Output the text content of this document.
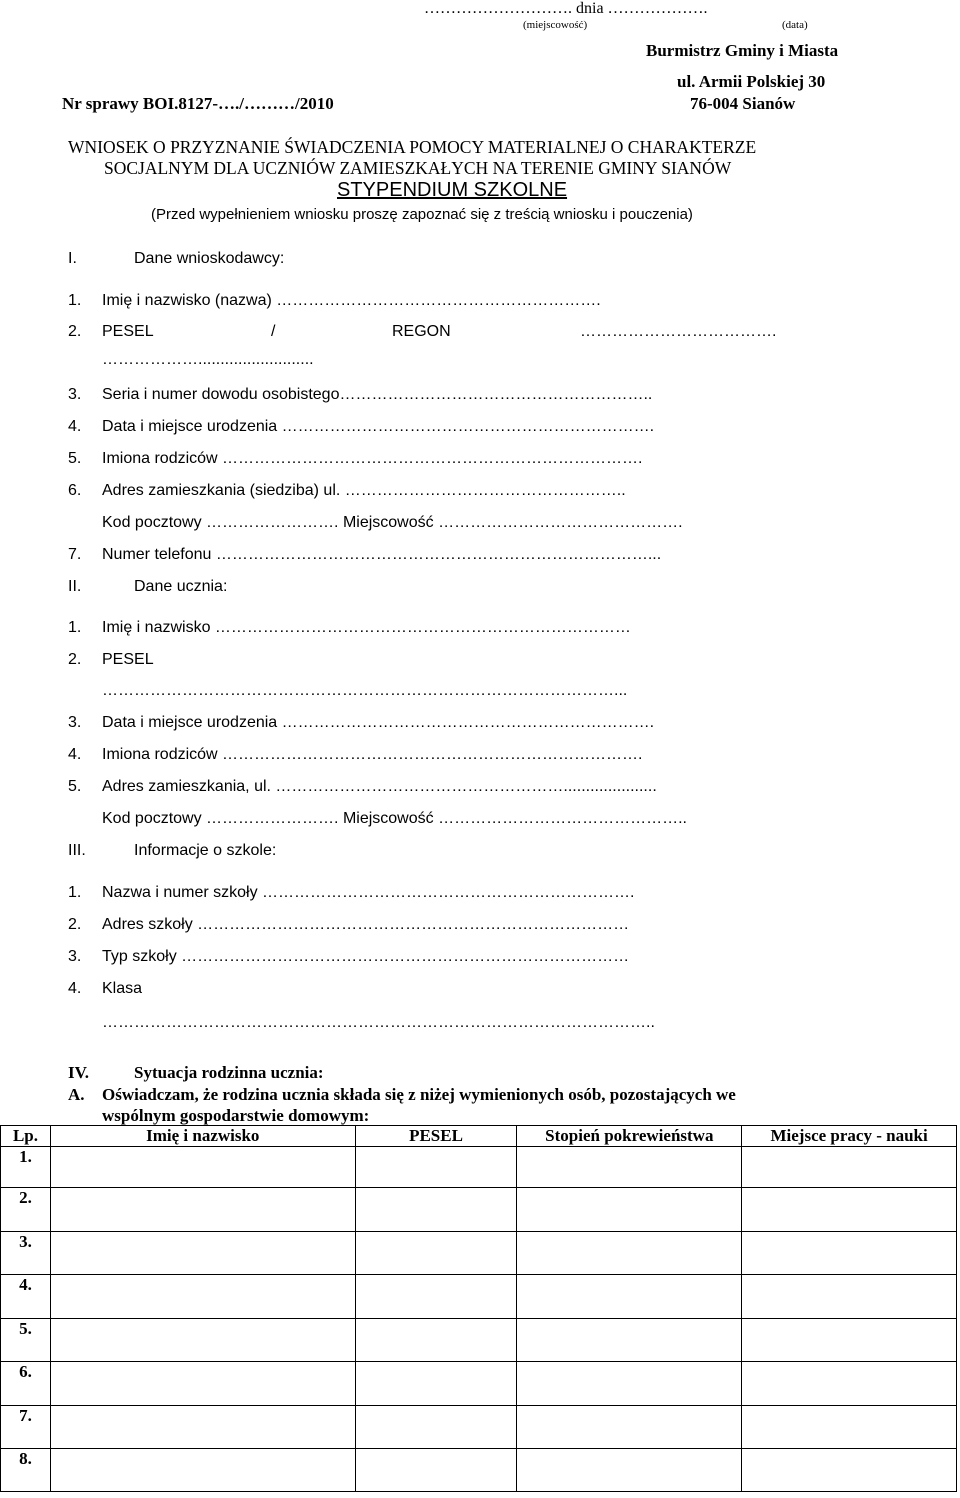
………………………. dnia ……………….
(miejscowość)	(data)
Burmistrz Gminy i Miasta
ul. Armii Polskiej 30
Nr sprawy BOI.8127-…./………/2010	76-004 Sianów
WNIOSEK O PRZYZNANIE ŚWIADCZENIA POMOCY MATERIALNEJ O CHARAKTERZE
SOCJALNYM DLA UCZNIÓW ZAMIESZKAŁYCH NA TERENIE GMINY SIANÓW
STYPENDIUM SZKOLNE
(Przed wypełnieniem wniosku proszę zapoznać się z treścią wniosku i pouczenia)
I.	Dane wnioskodawcy:
1. Imię i nazwisko (nazwa) …………………………………………………….
2. PESEL	/	REGON	……………………………….
………………..........................
3. Seria i numer dowodu osobistego…………………………………………………..
4. Data i miejsce urodzenia …………………………………………………………….
5. Imiona rodziców …………………………………………………………………….
6. Adres zamieszkania (siedziba) ul. ……………………………………………..
Kod pocztowy ……………………. Miejscowość ……………………………………….
7. Numer telefonu ………………………………………………………………………...
II.	Dane ucznia:
1. Imię i nazwisko ……………………………………………………………………
2. PESEL
……………………………………………………………………………………...
3. Data i miejsce urodzenia …………………………………………………………….
4. Imiona rodziców …………………………………………………………………….
5. Adres zamieszkania, ul. ……………………………………………….....................
Kod pocztowy ……………………. Miejscowość ………………………………………..
III.	Informacje o szkole:
1. Nazwa i numer szkoły …………………………………………………………….
2. Adres szkoły ………………………………………………………………………
3. Typ szkoły …………………………………………………………………………
4. Klasa
…………………………………………………………………………………………..
IV.	Sytuacja rodzinna ucznia:
A. Oświadczam, że rodzina ucznia składa się z niżej wymienionych osób, pozostających we
wspólnym gospodarstwie domowym:
Lp.	Imię i nazwisko	PESEL	Stopień pokrewieństwa	Miejsce pracy - nauki
1.				
2.				
3.				
4.				
5.				
6.				
7.				
8.				
